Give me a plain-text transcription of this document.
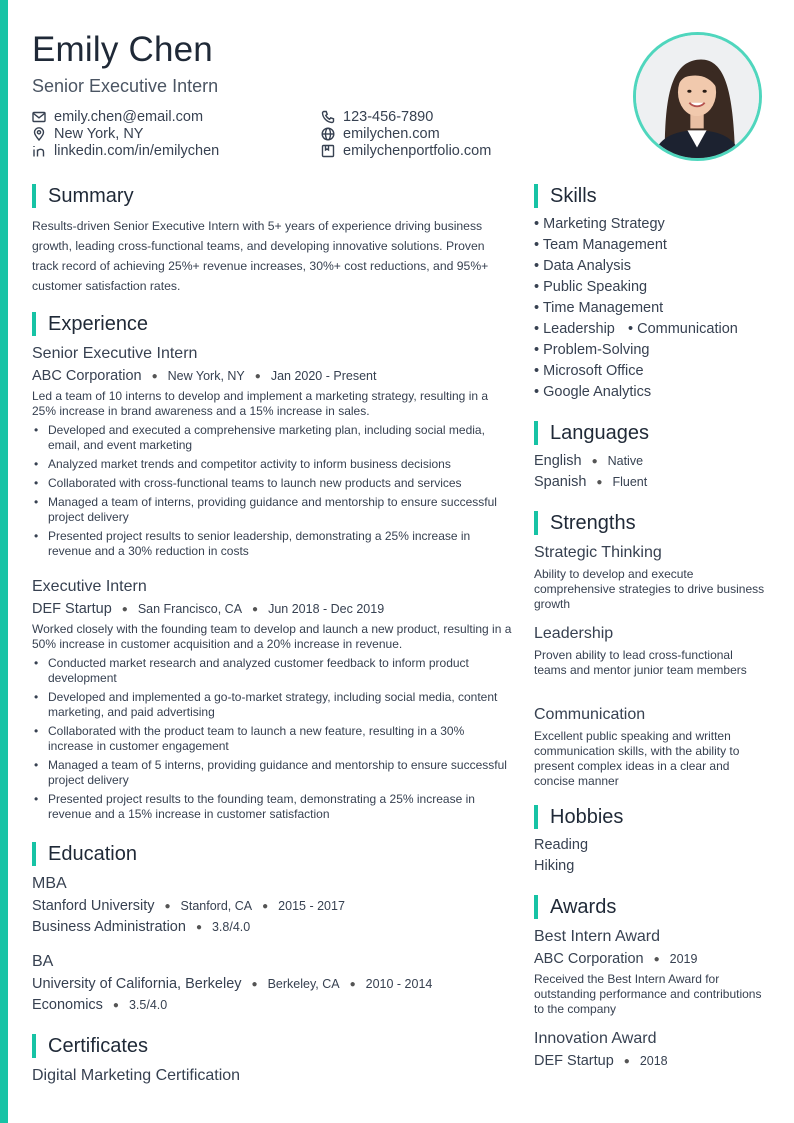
Emily Chen
Senior Executive Intern
emily.chen@email.com
New York, NY
linkedin.com/in/emilychen
123-456-7890
emilychen.com
emilychenportfolio.com
Summary

Results-driven Senior Executive Intern with 5+ years of experience driving business growth, leading cross-functional teams, and developing innovative solutions. Proven track record of achieving 25%+ revenue increases, 30%+ cost reductions, and 95%+ customer satisfaction rates.

Experience
Senior Executive Intern
ABC Corporation ● New York, NY ● Jan 2020 - Present

Led a team of 10 interns to develop and implement a marketing strategy, resulting in a 25% increase in brand awareness and a 15% increase in sales.

• Developed and executed a comprehensive marketing plan, including social media, email, and event marketing
• Analyzed market trends and competitor activity to inform business decisions
• Collaborated with cross-functional teams to launch new products and services
• Managed a team of interns, providing guidance and mentorship to ensure successful project delivery
• Presented project results to senior leadership, demonstrating a 25% increase in revenue and a 30% reduction in costs
Executive Intern
DEF Startup ● San Francisco, CA ● Jun 2018 - Dec 2019

Worked closely with the founding team to develop and launch a new product, resulting in a 50% increase in customer acquisition and a 20% increase in revenue.

• Conducted market research and analyzed customer feedback to inform product development
• Developed and implemented a go-to-market strategy, including social media, content marketing, and paid advertising
• Collaborated with the product team to launch a new feature, resulting in a 30% increase in customer engagement
• Managed a team of 5 interns, providing guidance and mentorship to ensure successful project delivery
• Presented project results to the founding team, demonstrating a 25% increase in revenue and a 15% increase in customer satisfaction
Education
MBA
Stanford University ● Stanford, CA ● 2015 - 2017
Business Administration ● 3.8/4.0
BA
University of California, Berkeley ● Berkeley, CA ● 2010 - 2014
Economics ● 3.5/4.0
Certificates
Digital Marketing Certification
Skills
• Marketing Strategy
• Team Management
• Data Analysis
• Public Speaking
• Time Management
• Leadership • Communication
• Problem-Solving
• Microsoft Office
• Google Analytics
Languages
English ● Native
Spanish ● Fluent
Strengths
Strategic Thinking

Ability to develop and execute comprehensive strategies to drive business growth

Leadership

Proven ability to lead cross-functional teams and mentor junior team members

Communication

Excellent public speaking and written communication skills, with the ability to present complex ideas in a clear and concise manner

Hobbies
Reading
Hiking
Awards
Best Intern Award
ABC Corporation ● 2019

Received the Best Intern Award for outstanding performance and contributions to the company

Innovation Award
DEF Startup ● 2018
